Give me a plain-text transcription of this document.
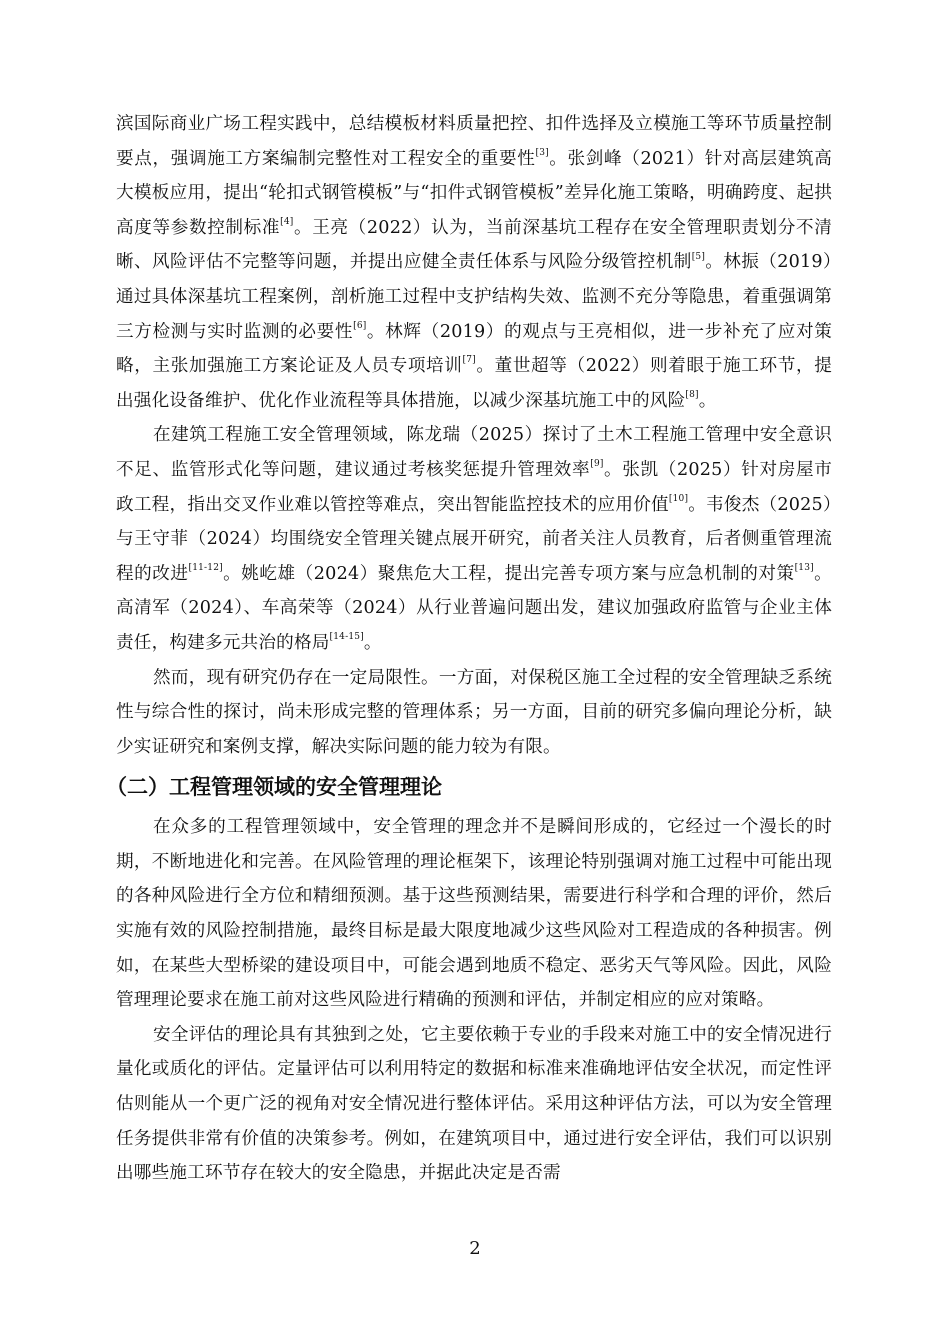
滨国际商业广场工程实践中，总结模板材料质量把控、扣件选择及立模施工等环节质量控制要点，强调施工方案编制完整性对工程安全的重要性[3]。张剑峰（2021）针对高层建筑高大模板应用，提出“轮扣式钢管模板”与“扣件式钢管模板”差异化施工策略，明确跨度、起拱高度等参数控制标准[4]。王亮（2022）认为，当前深基坑工程存在安全管理职责划分不清晰、风险评估不完整等问题，并提出应健全责任体系与风险分级管控机制[5]。林振（2019）通过具体深基坑工程案例，剖析施工过程中支护结构失效、监测不充分等隐患，着重强调第三方检测与实时监测的必要性[6]。林辉（2019）的观点与王亮相似，进一步补充了应对策略，主张加强施工方案论证及人员专项培训[7]。董世超等（2022）则着眼于施工环节，提出强化设备维护、优化作业流程等具体措施，以减少深基坑施工中的风险[8]。

在建筑工程施工安全管理领域，陈龙瑞（2025）探讨了土木工程施工管理中安全意识不足、监管形式化等问题，建议通过考核奖惩提升管理效率[9]。张凯（2025）针对房屋市政工程，指出交叉作业难以管控等难点，突出智能监控技术的应用价值[10]。韦俊杰（2025）与王守菲（2024）均围绕安全管理关键点展开研究，前者关注人员教育，后者侧重管理流程的改进[11-12]。姚屹雄（2024）聚焦危大工程，提出完善专项方案与应急机制的对策[13]。高清军（2024）、车高荣等（2024）从行业普遍问题出发，建议加强政府监管与企业主体责任，构建多元共治的格局[14-15]。

然而，现有研究仍存在一定局限性。一方面，对保税区施工全过程的安全管理缺乏系统性与综合性的探讨，尚未形成完整的管理体系；另一方面，目前的研究多偏向理论分析，缺少实证研究和案例支撑，解决实际问题的能力较为有限。

（二）工程管理领域的安全管理理论

在众多的工程管理领域中，安全管理的理念并不是瞬间形成的，它经过一个漫长的时期，不断地进化和完善。在风险管理的理论框架下，该理论特别强调对施工过程中可能出现的各种风险进行全方位和精细预测。基于这些预测结果，需要进行科学和合理的评价，然后实施有效的风险控制措施，最终目标是最大限度地减少这些风险对工程造成的各种损害。例如，在某些大型桥梁的建设项目中，可能会遇到地质不稳定、恶劣天气等风险。因此，风险管理理论要求在施工前对这些风险进行精确的预测和评估，并制定相应的应对策略。

安全评估的理论具有其独到之处，它主要依赖于专业的手段来对施工中的安全情况进行量化或质化的评估。定量评估可以利用特定的数据和标准来准确地评估安全状况，而定性评估则能从一个更广泛的视角对安全情况进行整体评估。采用这种评估方法，可以为安全管理任务提供非常有价值的决策参考。例如，在建筑项目中，通过进行安全评估，我们可以识别出哪些施工环节存在较大的安全隐患，并据此决定是否需

2
